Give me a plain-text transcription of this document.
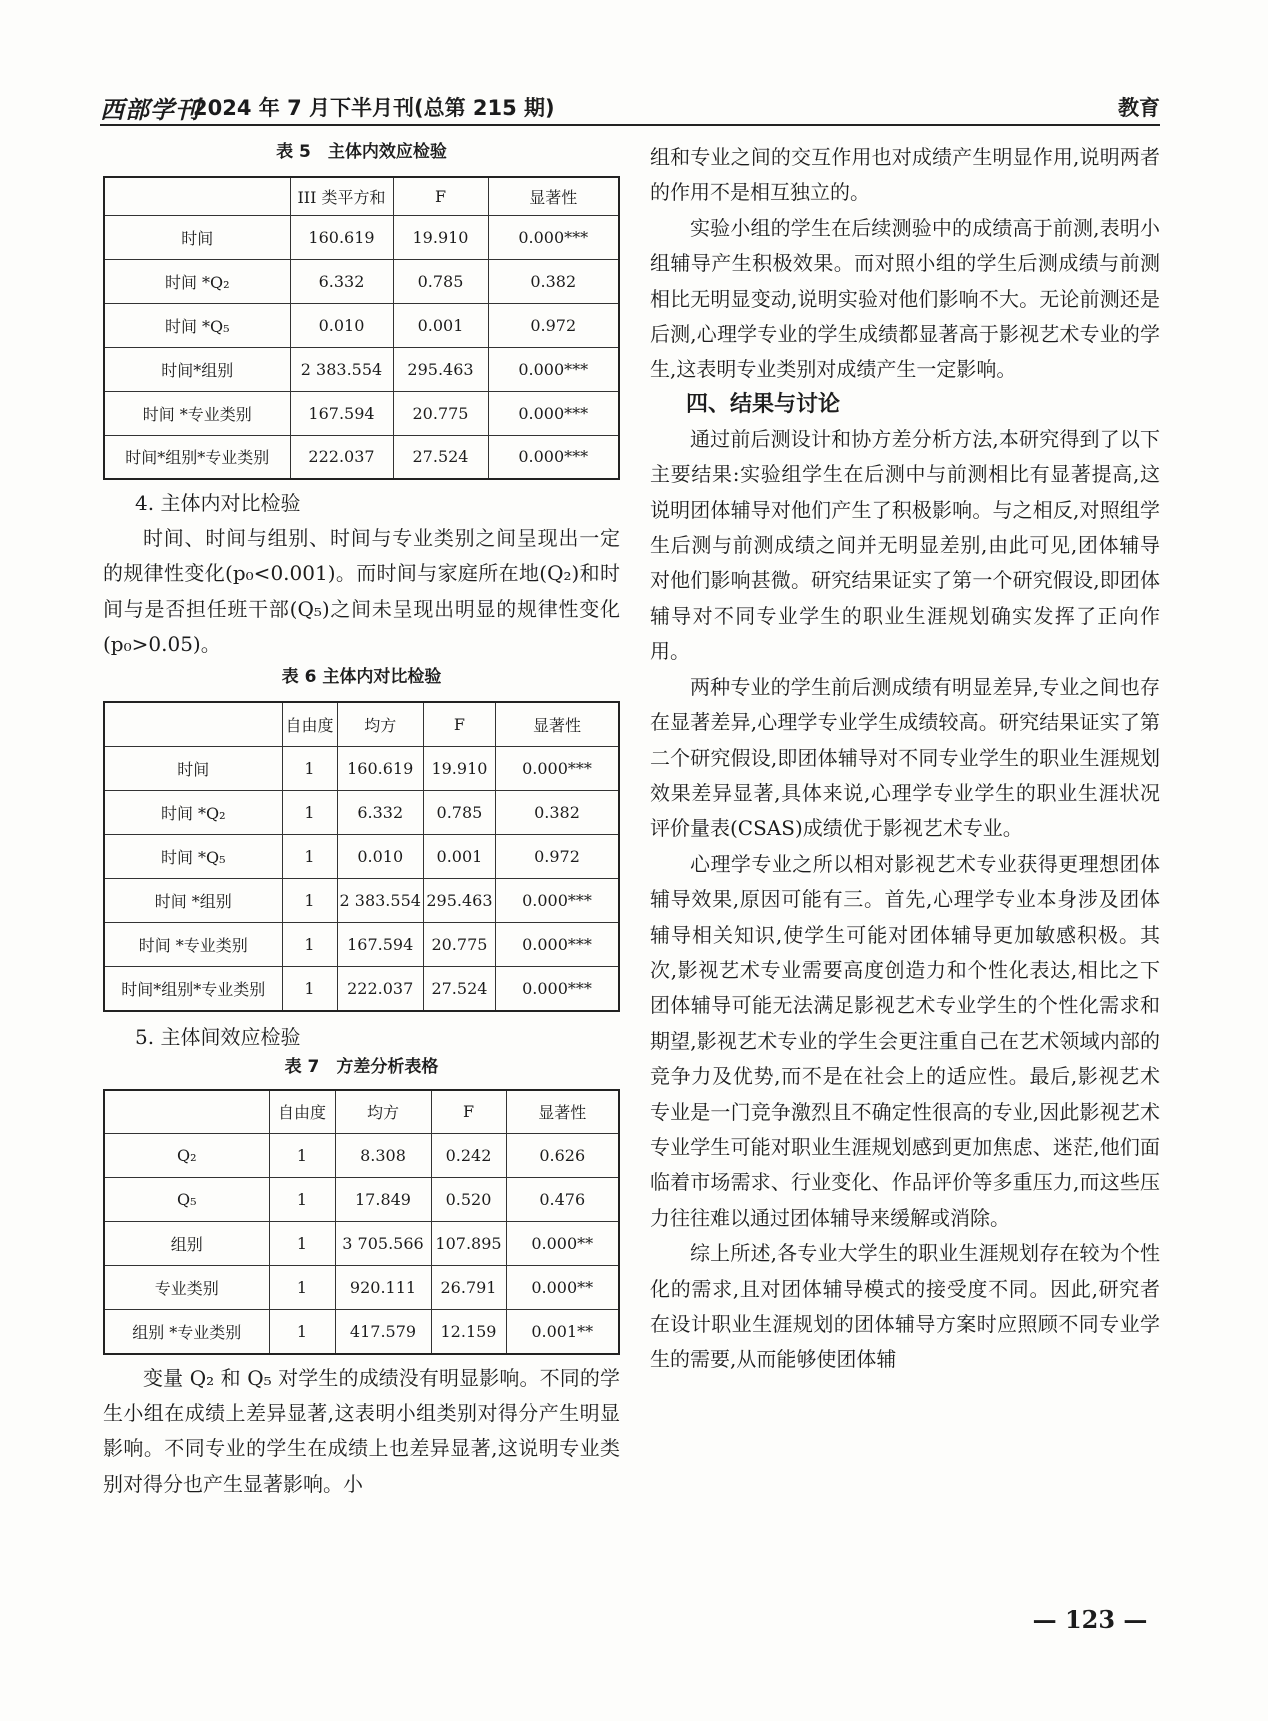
西部学刊
2024 年 7 月下半月刊(总第 215 期)	教育
表 5　主体内效应检验
	III 类平方和	F	显著性
时间	160.619	19.910	0.000***
时间 *Q₂	6.332	0.785	0.382
时间 *Q₅	0.010	0.001	0.972
时间*组别	2 383.554	295.463	0.000***
时间 *专业类别	167.594	20.775	0.000***
时间*组别*专业类别	222.037	27.524	0.000***
4. 主体内对比检验
时间、时间与组别、时间与专业类别之间呈现出一定的规律性变化(p₀<0.001)。而时间与家庭所在地(Q₂)和时间与是否担任班干部(Q₅)之间未呈现出明显的规律性变化(p₀>0.05)。
表 6 主体内对比检验
	自由度	均方	F	显著性
时间	1	160.619	19.910	0.000***
时间 *Q₂	1	6.332	0.785	0.382
时间 *Q₅	1	0.010	0.001	0.972
时间 *组别	1	2 383.554	295.463	0.000***
时间 *专业类别	1	167.594	20.775	0.000***
时间*组别*专业类别	1	222.037	27.524	0.000***
5. 主体间效应检验
表 7　方差分析表格
	自由度	均方	F	显著性
Q₂	1	8.308	0.242	0.626
Q₅	1	17.849	0.520	0.476
组别	1	3 705.566	107.895	0.000**
专业类别	1	920.111	26.791	0.000**
组别 *专业类别	1	417.579	12.159	0.001**
变量 Q₂ 和 Q₅ 对学生的成绩没有明显影响。不同的学生小组在成绩上差异显著,这表明小组类别对得分产生明显影响。不同专业的学生在成绩上也差异显著,这说明专业类别对得分也产生显著影响。小
组和专业之间的交互作用也对成绩产生明显作用,说明两者的作用不是相互独立的。
实验小组的学生在后续测验中的成绩高于前测,表明小组辅导产生积极效果。而对照小组的学生后测成绩与前测相比无明显变动,说明实验对他们影响不大。无论前测还是后测,心理学专业的学生成绩都显著高于影视艺术专业的学生,这表明专业类别对成绩产生一定影响。
四、结果与讨论
通过前后测设计和协方差分析方法,本研究得到了以下主要结果:实验组学生在后测中与前测相比有显著提高,这说明团体辅导对他们产生了积极影响。与之相反,对照组学生后测与前测成绩之间并无明显差别,由此可见,团体辅导对他们影响甚微。研究结果证实了第一个研究假设,即团体辅导对不同专业学生的职业生涯规划确实发挥了正向作用。
两种专业的学生前后测成绩有明显差异,专业之间也存在显著差异,心理学专业学生成绩较高。研究结果证实了第二个研究假设,即团体辅导对不同专业学生的职业生涯规划效果差异显著,具体来说,心理学专业学生的职业生涯状况评价量表(CSAS)成绩优于影视艺术专业。
心理学专业之所以相对影视艺术专业获得更理想团体辅导效果,原因可能有三。首先,心理学专业本身涉及团体辅导相关知识,使学生可能对团体辅导更加敏感积极。其次,影视艺术专业需要高度创造力和个性化表达,相比之下团体辅导可能无法满足影视艺术专业学生的个性化需求和期望,影视艺术专业的学生会更注重自己在艺术领域内部的竞争力及优势,而不是在社会上的适应性。最后,影视艺术专业是一门竞争激烈且不确定性很高的专业,因此影视艺术专业学生可能对职业生涯规划感到更加焦虑、迷茫,他们面临着市场需求、行业变化、作品评价等多重压力,而这些压力往往难以通过团体辅导来缓解或消除。
综上所述,各专业大学生的职业生涯规划存在较为个性化的需求,且对团体辅导模式的接受度不同。因此,研究者在设计职业生涯规划的团体辅导方案时应照顾不同专业学生的需要,从而能够使团体辅
— 123 —
